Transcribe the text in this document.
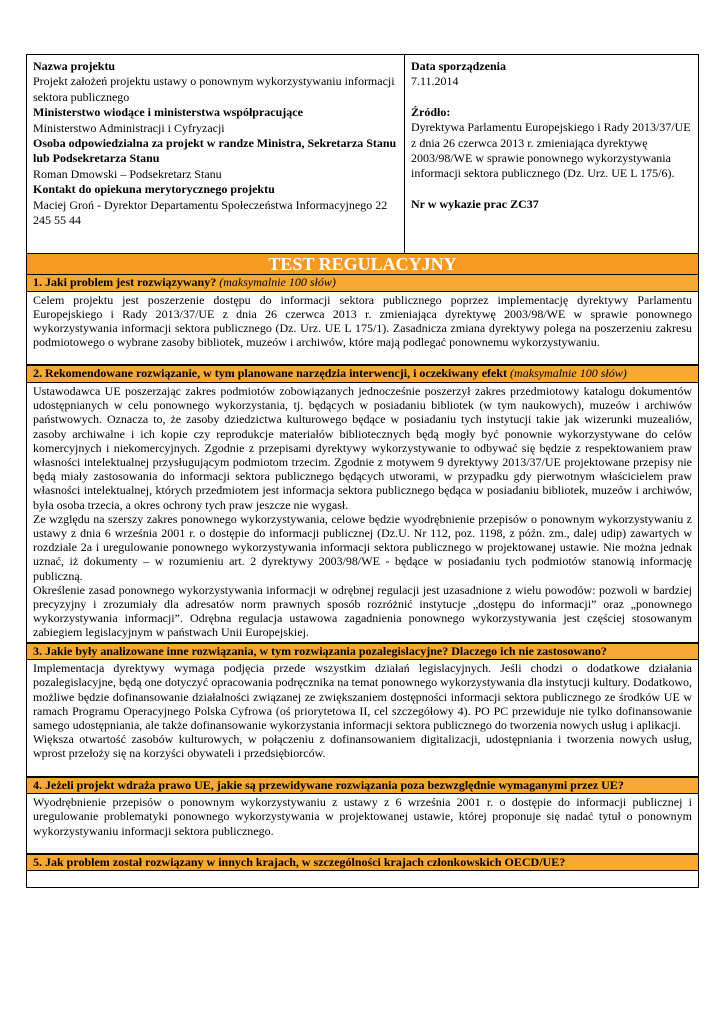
Nazwa projektu
Projekt założeń projektu ustawy o ponownym wykorzystywaniu informacji sektora publicznego
Ministerstwo wiodące i ministerstwa współpracujące
Ministerstwo Administracji i Cyfryzacji
Osoba odpowiedzialna za projekt w randze Ministra, Sekretarza Stanu lub Podsekretarza Stanu
Roman Dmowski – Podsekretarz Stanu
Kontakt do opiekuna merytorycznego projektu
Maciej Groń - Dyrektor Departamentu Społeczeństwa Informacyjnego 22 245 55 44
Data sporządzenia
7.11.2014
Źródło:
Dyrektywa Parlamentu Europejskiego i Rady 2013/37/UE z dnia 26 czerwca 2013 r. zmieniająca dyrektywę 2003/98/WE w sprawie ponownego wykorzystywania informacji sektora publicznego (Dz. Urz. UE L 175/6).
Nr w wykazie prac ZC37
TEST REGULACYJNY
1. Jaki problem jest rozwiązywany? (maksymalnie 100 słów)

Celem projektu jest poszerzenie dostępu do informacji sektora publicznego poprzez implementację dyrektywy Parlamentu Europejskiego i Rady 2013/37/UE z dnia 26 czerwca 2013 r. zmieniająca dyrektywę 2003/98/WE w sprawie ponownego wykorzystywania informacji sektora publicznego (Dz. Urz. UE L 175/1). Zasadnicza zmiana dyrektywy polega na poszerzeniu zakresu podmiotowego o wybrane zasoby bibliotek, muzeów i archiwów, które mają podlegać ponownemu wykorzystywaniu.

2. Rekomendowane rozwiązanie, w tym planowane narzędzia interwencji, i oczekiwany efekt (maksymalnie 100 słów)

Ustawodawca UE poszerzając zakres podmiotów zobowiązanych jednocześnie poszerzył zakres przedmiotowy katalogu dokumentów udostępnianych w celu ponownego wykorzystania, tj. będących w posiadaniu bibliotek (w tym naukowych), muzeów i archiwów państwowych. Oznacza to, że zasoby dziedzictwa kulturowego będące w posiadaniu tych instytucji takie jak wizerunki muzealiów, zasoby archiwalne i ich kopie czy reprodukcje materiałów bibliotecznych będą mogły być ponownie wykorzystywane do celów komercyjnych i niekomercyjnych. Zgodnie z przepisami dyrektywy wykorzystywanie to odbywać się będzie z respektowaniem praw własności intelektualnej przysługującym podmiotom trzecim. Zgodnie z motywem 9 dyrektywy 2013/37/UE projektowane przepisy nie będą miały zastosowania do informacji sektora publicznego będących utworami, w przypadku gdy pierwotnym właścicielem praw własności intelektualnej, których przedmiotem jest informacja sektora publicznego będąca w posiadaniu bibliotek, muzeów i archiwów, była osoba trzecia, a okres ochrony tych praw jeszcze nie wygasł.

Ze względu na szerszy zakres ponownego wykorzystywania, celowe będzie wyodrębnienie przepisów o ponownym wykorzystywaniu z ustawy z dnia 6 września 2001 r. o dostępie do informacji publicznej (Dz.U. Nr 112, poz. 1198, z późn. zm., dalej udip) zawartych w rozdziale 2a i uregulowanie ponownego wykorzystywania informacji sektora publicznego w projektowanej ustawie. Nie można jednak uznać, iż dokumenty – w rozumieniu art. 2 dyrektywy 2003/98/WE - będące w posiadaniu tych podmiotów stanowią informację publiczną.

Określenie zasad ponownego wykorzystywania informacji w odrębnej regulacji jest uzasadnione z wielu powodów: pozwoli w bardziej precyzyjny i zrozumiały dla adresatów norm prawnych sposób rozróżnić instytucje „dostępu do informacji” oraz „ponownego wykorzystywania informacji”. Odrębna regulacja ustawowa zagadnienia ponownego wykorzystywania jest częściej stosowanym zabiegiem legislacyjnym w państwach Unii Europejskiej.

3. Jakie były analizowane inne rozwiązania, w tym rozwiązania pozalegislacyjne? Dlaczego ich nie zastosowano?

Implementacja dyrektywy wymaga podjęcia przede wszystkim działań legislacyjnych. Jeśli chodzi o dodatkowe działania pozalegislacyjne, będą one dotyczyć opracowania podręcznika na temat ponownego wykorzystywania dla instytucji kultury. Dodatkowo, możliwe będzie dofinansowanie działalności związanej ze zwiększaniem dostępności informacji sektora publicznego ze środków UE w ramach Programu Operacyjnego Polska Cyfrowa (oś priorytetowa II, cel szczegółowy 4). PO PC przewiduje nie tylko dofinansowanie samego udostępniania, ale także dofinansowanie wykorzystania informacji sektora publicznego do tworzenia nowych usług i aplikacji.

Większa otwartość zasobów kulturowych, w połączeniu z dofinansowaniem digitalizacji, udostępniania i tworzenia nowych usług, wprost przełoży się na korzyści obywateli i przedsiębiorców.

4. Jeżeli projekt wdraża prawo UE, jakie są przewidywane rozwiązania poza bezwzględnie wymaganymi przez UE?

Wyodrębnienie przepisów o ponownym wykorzystywaniu z ustawy z 6 września 2001 r. o dostępie do informacji publicznej i uregulowanie problematyki ponownego wykorzystywania w projektowanej ustawie, której proponuje się nadać tytuł o ponownym wykorzystywaniu informacji sektora publicznego.

5. Jak problem został rozwiązany w innych krajach, w szczególności krajach członkowskich OECD/UE?
